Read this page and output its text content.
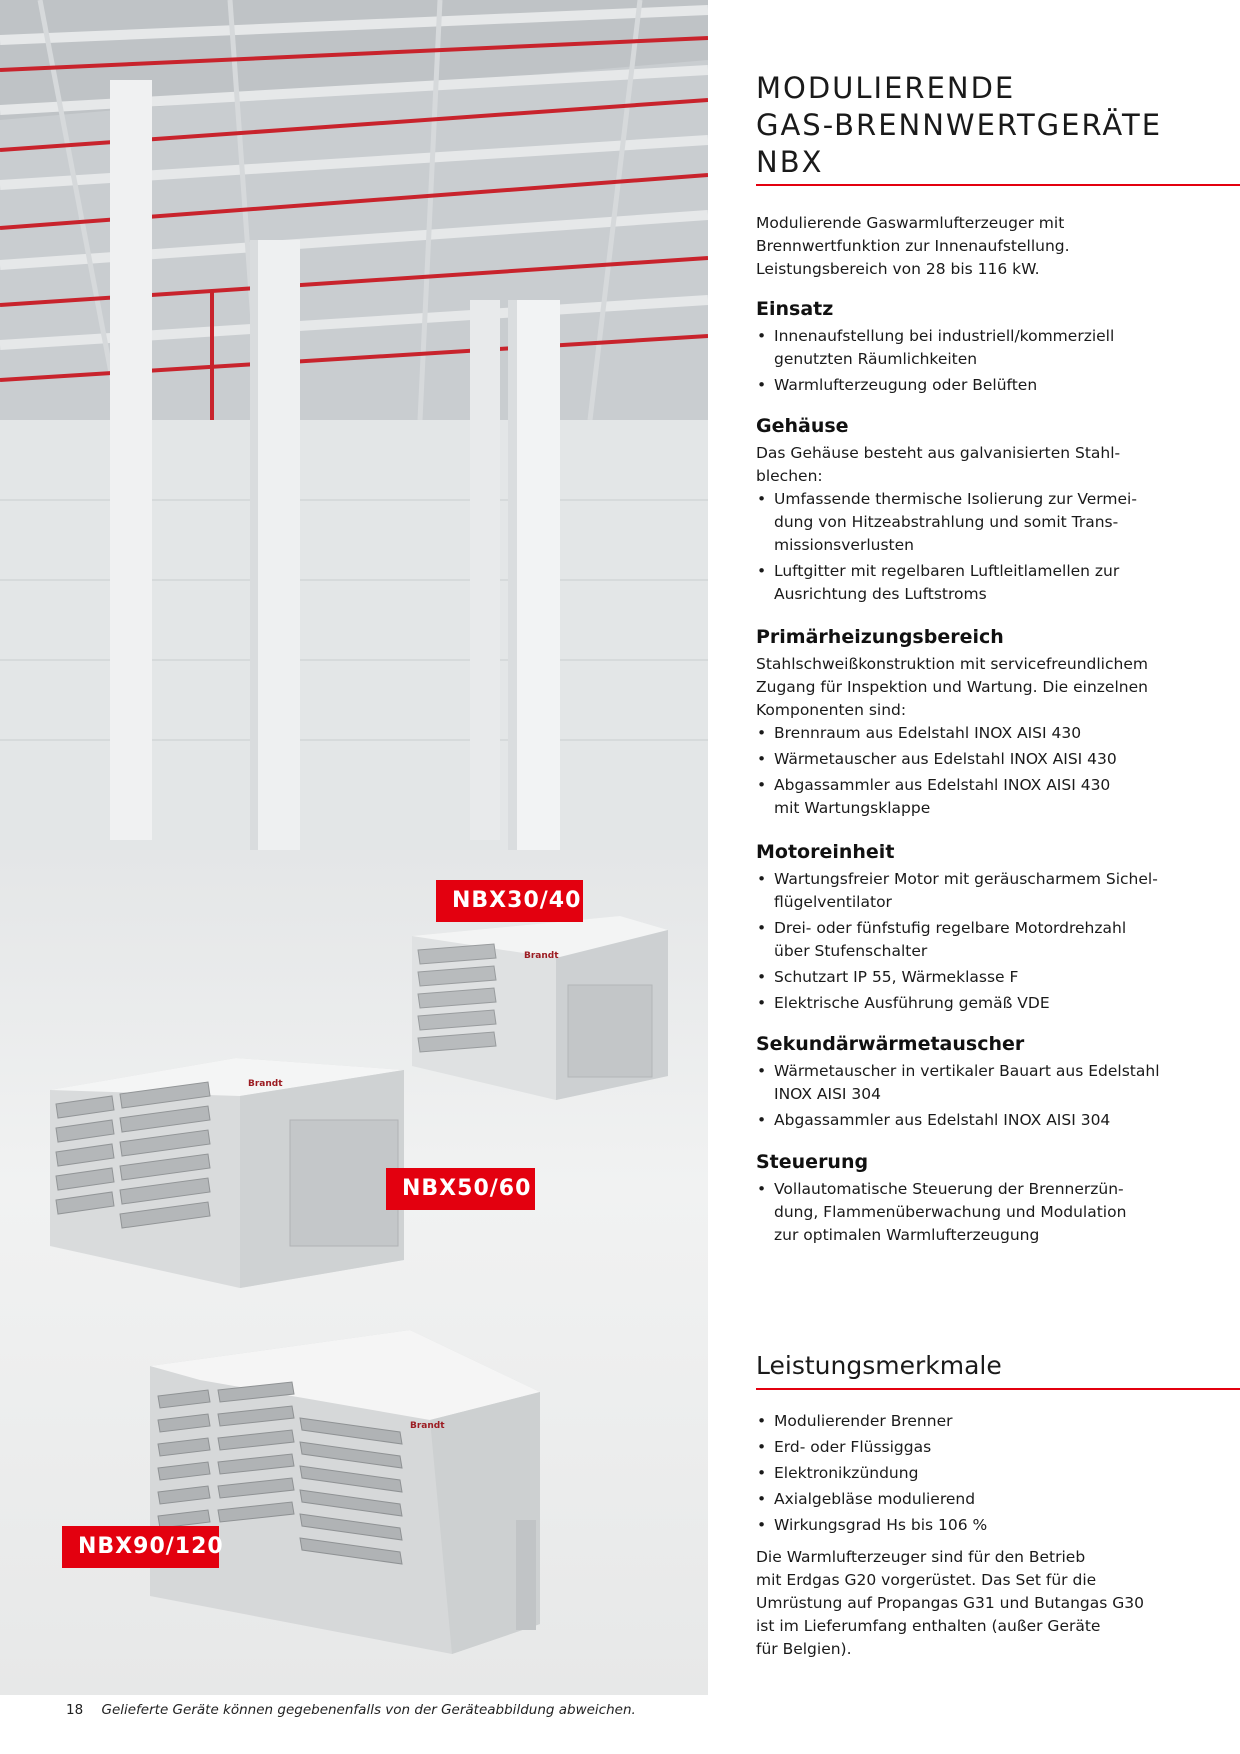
Brandt
Brandt
Brandt
NBX30/40
NBX50/60
NBX90/120
MODULIERENDE
GAS-BRENNWERTGERÄTE
NBX
Modulierende Gaswarmlufterzeuger mit
Brennwertfunktion zur Innenaufstellung.
Leistungsbereich von 28 bis 116 kW.
Einsatz
• Innenaufstellung bei industriell/kommerziell
genutzten Räumlichkeiten
• Warmlufterzeugung oder Belüften
Gehäuse

Das Gehäuse besteht aus galvanisierten Stahl-
blechen:

• Umfassende thermische Isolierung zur Vermei-
dung von Hitzeabstrahlung und somit Trans-
missionsverlusten
• Luftgitter mit regelbaren Luftleitlamellen zur
Ausrichtung des Luftstroms
Primärheizungsbereich

Stahlschweißkonstruktion mit servicefreundlichem
Zugang für Inspektion und Wartung. Die einzelnen
Komponenten sind:

• Brennraum aus Edelstahl INOX AISI 430
• Wärmetauscher aus Edelstahl INOX AISI 430
• Abgassammler aus Edelstahl INOX AISI 430
mit Wartungsklappe
Motoreinheit
• Wartungsfreier Motor mit geräuscharmem Sichel-
flügelventilator
• Drei- oder fünfstufig regelbare Motordrehzahl
über Stufenschalter
• Schutzart IP 55, Wärmeklasse F
• Elektrische Ausführung gemäß VDE
Sekundärwärmetauscher
• Wärmetauscher in vertikaler Bauart aus Edelstahl
INOX AISI 304
• Abgassammler aus Edelstahl INOX AISI 304
Steuerung
• Vollautomatische Steuerung der Brennerzün-
dung, Flammenüberwachung und Modulation
zur optimalen Warmlufterzeugung
Leistungsmerkmale
• Modulierender Brenner
• Erd- oder Flüssiggas
• Elektronikzündung
• Axialgebläse modulierend
• Wirkungsgrad Hs bis 106 %
Die Warmlufterzeuger sind für den Betrieb
mit Erdgas G20 vorgerüstet. Das Set für die
Umrüstung auf Propangas G31 und Butangas G30
ist im Lieferumfang enthalten (außer Geräte
für Belgien).
18 Gelieferte Geräte können gegebenenfalls von der Geräteabbildung abweichen.
